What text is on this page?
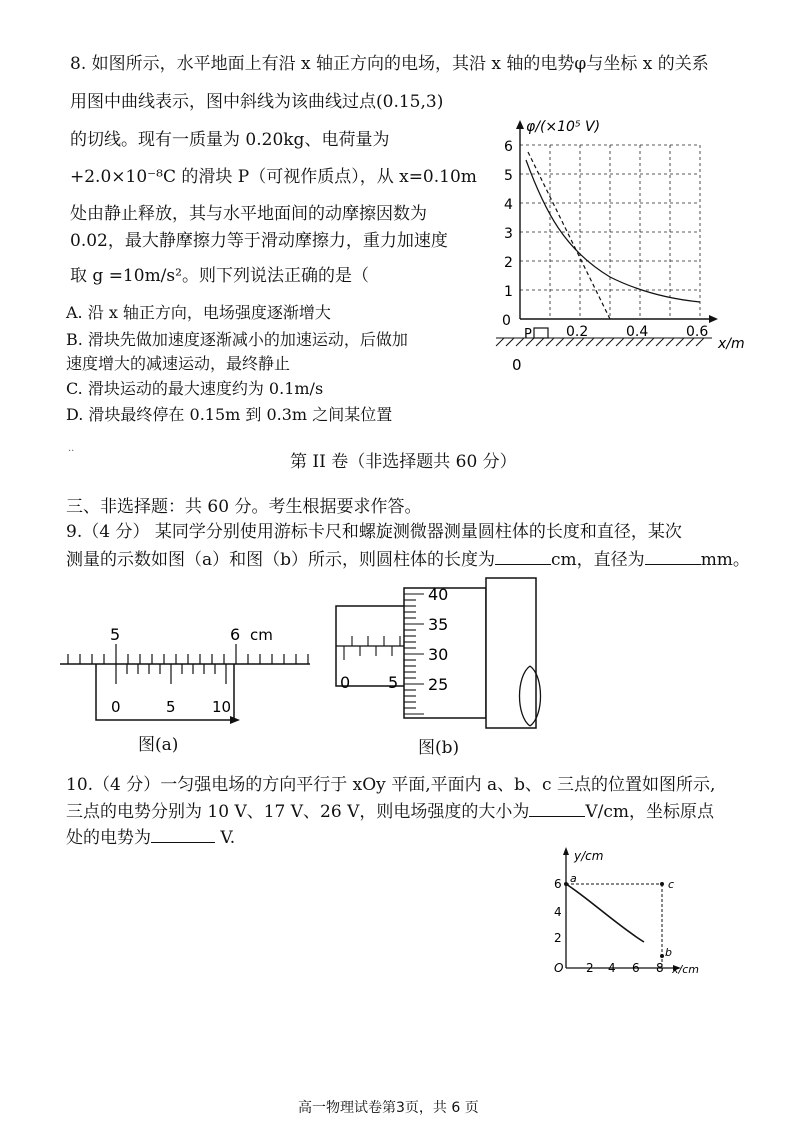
8. 如图所示，水平地面上有沿 x 轴正方向的电场，其沿 x 轴的电势φ与坐标 x 的关系
用图中曲线表示，图中斜线为该曲线过点(0.15,3)
的切线。现有一质量为 0.20kg、电荷量为
+2.0×10⁻⁸C 的滑块 P（可视作质点），从 x=0.10m
处由静止释放，其与水平地面间的动摩擦因数为
0.02，最大静摩擦力等于滑动摩擦力，重力加速度
取 g =10m/s²。则下列说法正确的是（
A. 沿 x 轴正方向，电场强度逐渐增大
B. 滑块先做加速度逐渐减小的加速运动，后做加
速度增大的减速运动，最终静止
C. 滑块运动的最大速度约为 0.1m/s
D. 滑块最终停在 0.15m 到 0.3m 之间某位置
P
6
5
4
3
2
1
0
0.2	0.4	0.6
φ/(×10⁵ V)
x/m
0
··
第 II 卷（非选择题共 60 分）
三、非选择题：共 60 分。考生根据要求作答。
9.（4 分） 某同学分别使用游标卡尺和螺旋测微器测量圆柱体的长度和直径，某次
测量的示数如图（a）和图（b）所示，则圆柱体的长度为	cm，直径为	mm。
5	6 cm
0	5 10
图(a)
40
35
30
25
0 5
图(b)
10.（4 分）一匀强电场的方向平行于 xOy 平面,平面内 a、b、c 三点的位置如图所示,
三点的电势分别为 10 V、17 V、26 V，则电场强度的大小为	V/cm，坐标原点
处的电势为	V.
y/cm
x/cm
6
4
2
2 4 6 8
O
a
b
c
高一物理试卷第3页，共 6 页
